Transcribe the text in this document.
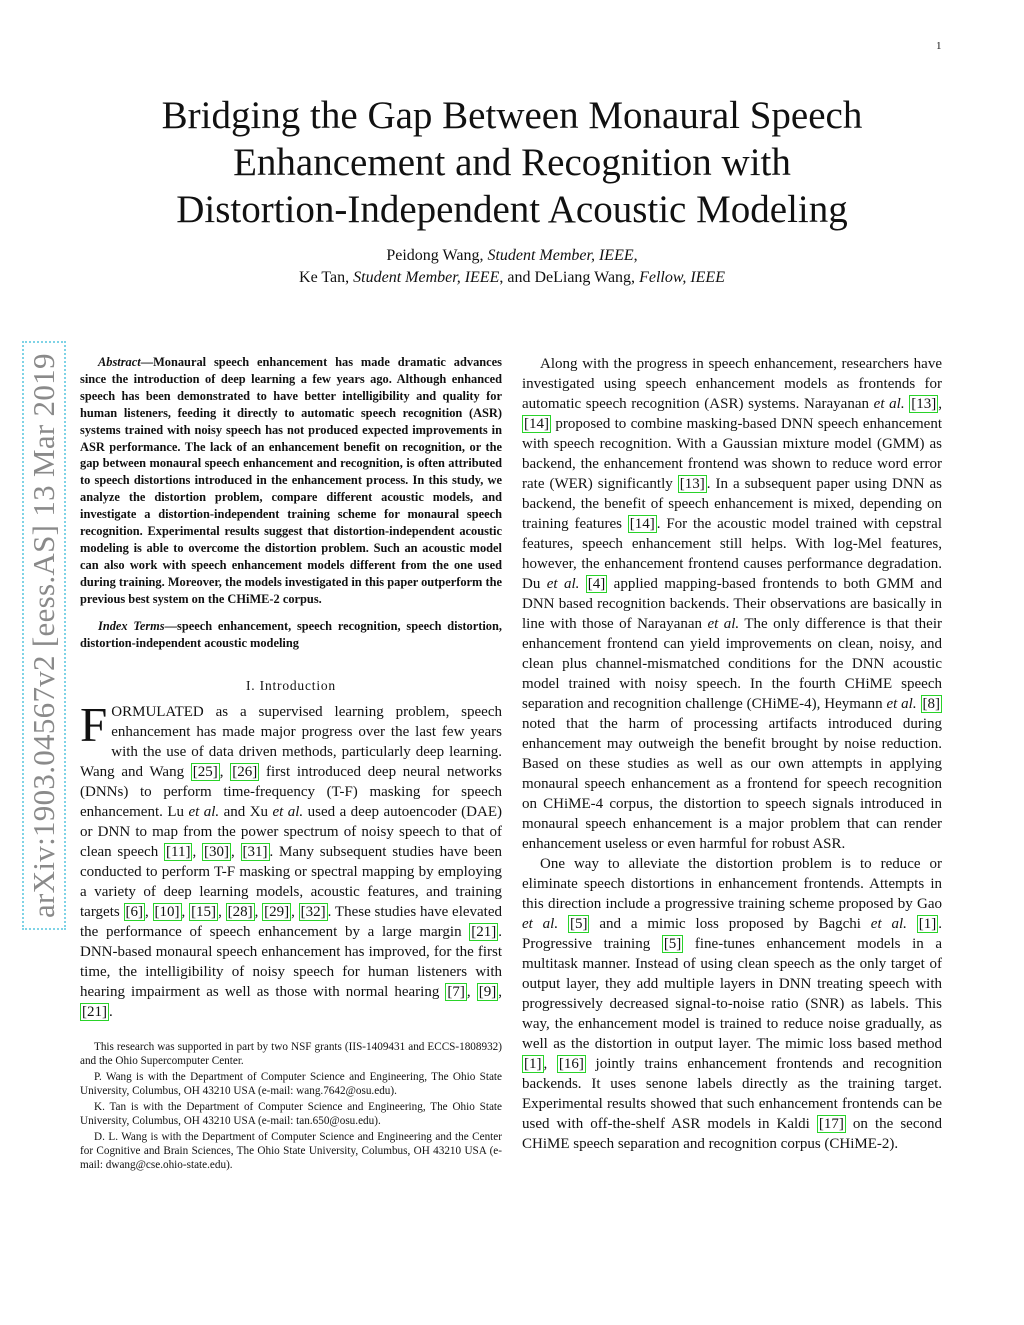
1
arXiv:1903.04567v2 [eess.AS] 13 Mar 2019
Bridging the Gap Between Monaural Speech
Enhancement and Recognition with
Distortion-Independent Acoustic Modeling
Peidong Wang, Student Member, IEEE,
Ke Tan, Student Member, IEEE, and DeLiang Wang, Fellow, IEEE

Abstract—Monaural speech enhancement has made dramatic advances since the introduction of deep learning a few years ago. Although enhanced speech has been demonstrated to have better intelligibility and quality for human listeners, feeding it directly to automatic speech recognition (ASR) systems trained with noisy speech has not produced expected improvements in ASR performance. The lack of an enhancement benefit on recognition, or the gap between monaural speech enhancement and recognition, is often attributed to speech distortions introduced in the enhancement process. In this study, we analyze the distortion problem, compare different acoustic models, and investigate a distortion-independent training scheme for monaural speech recognition. Experimental results suggest that distortion-independent acoustic modeling is able to overcome the distortion problem. Such an acoustic model can also work with speech enhancement models different from the one used during training. Moreover, the models investigated in this paper outperform the previous best system on the CHiME-2 corpus.

Index Terms—speech enhancement, speech recognition, speech distortion, distortion-independent acoustic modeling

I. Introduction

FORMULATED as a supervised learning problem, speech enhancement has made major progress over the last few years with the use of data driven methods, particularly deep learning. Wang and Wang [25] , [26] first introduced deep neural networks (DNNs) to perform time-frequency (T-F) masking for speech enhancement. Lu et al. and Xu et al. used a deep autoencoder (DAE) or DNN to map from the power spectrum of noisy speech to that of clean speech [11] , [30] , [31] . Many subsequent studies have been conducted to perform T-F masking or spectral mapping by employing a variety of deep learning models, acoustic features, and training targets [6] , [10] , [15] , [28] , [29] , [32] . These studies have elevated the performance of speech enhancement by a large margin [21] . DNN-based monaural speech enhancement has improved, for the first time, the intelligibility of noisy speech for human listeners with hearing impairment as well as those with normal hearing [7] , [9] , [21] .

This research was supported in part by two NSF grants (IIS-1409431 and ECCS-1808932) and the Ohio Supercomputer Center.

P. Wang is with the Department of Computer Science and Engineering, The Ohio State University, Columbus, OH 43210 USA (e-mail: wang.7642@osu.edu).

K. Tan is with the Department of Computer Science and Engineering, The Ohio State University, Columbus, OH 43210 USA (e-mail: tan.650@osu.edu).

D. L. Wang is with the Department of Computer Science and Engineering and the Center for Cognitive and Brain Sciences, The Ohio State University, Columbus, OH 43210 USA (e-mail: dwang@cse.ohio-state.edu).

Along with the progress in speech enhancement, researchers have investigated using speech enhancement models as frontends for automatic speech recognition (ASR) systems. Narayanan et al. [13] , [14] proposed to combine masking-based DNN speech enhancement with speech recognition. With a Gaussian mixture model (GMM) as backend, the enhancement frontend was shown to reduce word error rate (WER) significantly [13] . In a subsequent paper using DNN as backend, the benefit of speech enhancement is mixed, depending on training features [14] . For the acoustic model trained with cepstral features, speech enhancement still helps. With log-Mel features, however, the enhancement frontend causes performance degradation. Du et al. [4] applied mapping-based frontends to both GMM and DNN based recognition backends. Their observations are basically in line with those of Narayanan et al. The only difference is that their enhancement frontend can yield improvements on clean, noisy, and clean plus channel-mismatched conditions for the DNN acoustic model trained with noisy speech. In the fourth CHiME speech separation and recognition challenge (CHiME-4), Heymann et al. [8] noted that the harm of processing artifacts introduced during enhancement may outweigh the benefit brought by noise reduction. Based on these studies as well as our own attempts in applying monaural speech enhancement as a frontend for speech recognition on CHiME-4 corpus, the distortion to speech signals introduced in monaural speech enhancement is a major problem that can render enhancement useless or even harmful for robust ASR.

One way to alleviate the distortion problem is to reduce or eliminate speech distortions in enhancement frontends. Attempts in this direction include a progressive training scheme proposed by Gao et al. [5] and a mimic loss proposed by Bagchi et al. [1] . Progressive training [5] fine-tunes enhancement models in a multitask manner. Instead of using clean speech as the only target of output layer, they add multiple layers in DNN treating speech with progressively decreased signal-to-noise ratio (SNR) as labels. This way, the enhancement model is trained to reduce noise gradually, as well as the distortion in output layer. The mimic loss based method [1] , [16] jointly trains enhancement frontends and recognition backends. It uses senone labels directly as the training target. Experimental results showed that such enhancement frontends can be used with off-the-shelf ASR models in Kaldi [17] on the second CHiME speech separation and recognition corpus (CHiME-2).
